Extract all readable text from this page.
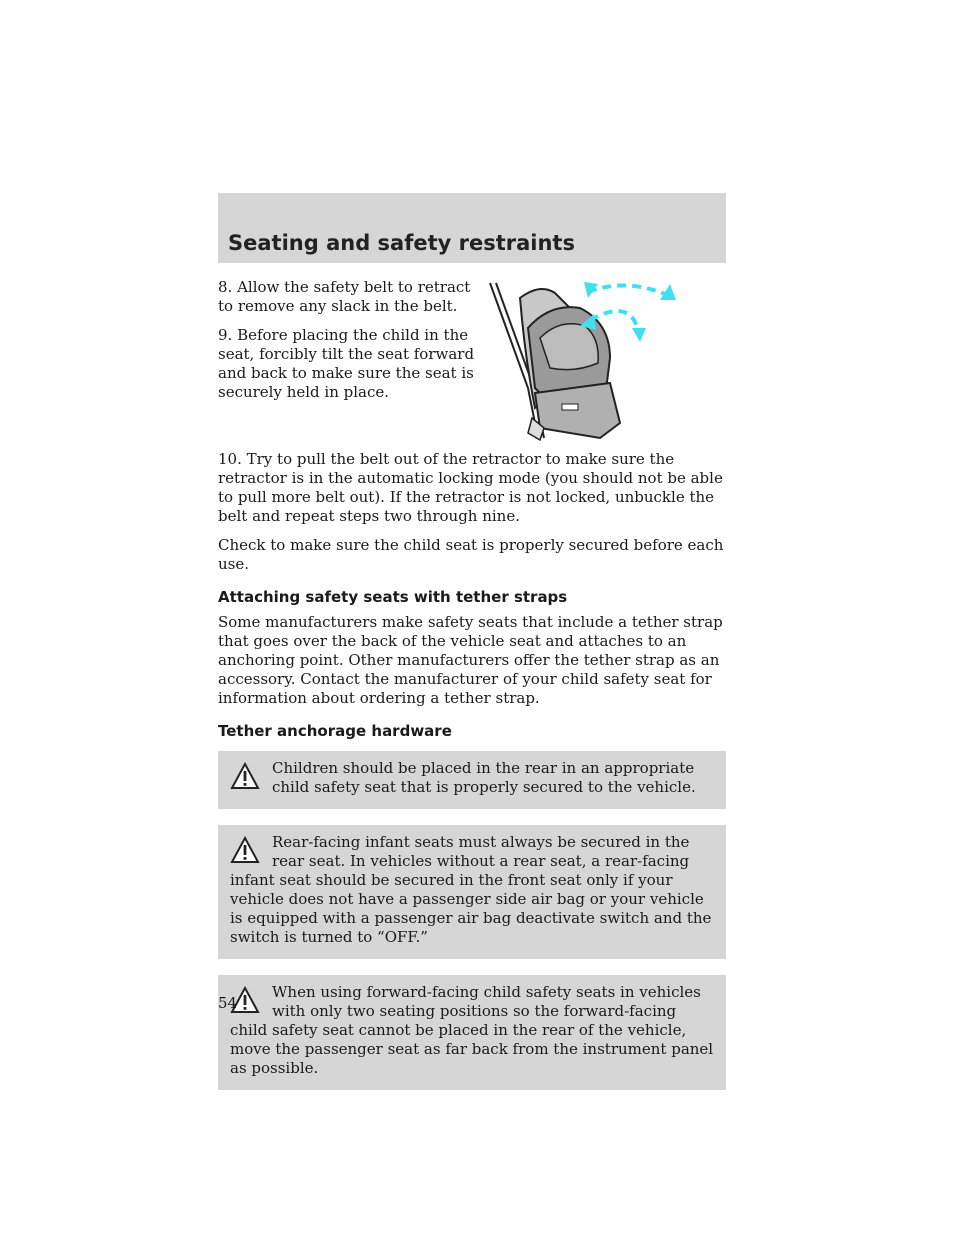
Seating and safety restraints

8. Allow the safety belt to retract to remove any slack in the belt.

9. Before placing the child in the seat, forcibly tilt the seat forward and back to make sure the seat is securely held in place.

10. Try to pull the belt out of the retractor to make sure the retractor is in the automatic locking mode (you should not be able to pull more belt out). If the retractor is not locked, unbuckle the belt and repeat steps two through nine.

Check to make sure the child seat is properly secured before each use.

Attaching safety seats with tether straps

Some manufacturers make safety seats that include a tether strap that goes over the back of the vehicle seat and attaches to an anchoring point. Other manufacturers offer the tether strap as an accessory. Contact the manufacturer of your child safety seat for information about ordering a tether strap.

Tether anchorage hardware
Children should be placed in the rear in an appropriate child safety seat that is properly secured to the vehicle.
Rear-facing infant seats must always be secured in the rear seat. In vehicles without a rear seat, a rear-facing infant seat should be secured in the front seat only if your vehicle does not have a passenger side air bag or your vehicle is equipped with a passenger air bag deactivate switch and the switch is turned to “OFF.”
When using forward-facing child safety seats in vehicles with only two seating positions so the forward-facing child safety seat cannot be placed in the rear of the vehicle, move the passenger seat as far back from the instrument panel as possible.
54
